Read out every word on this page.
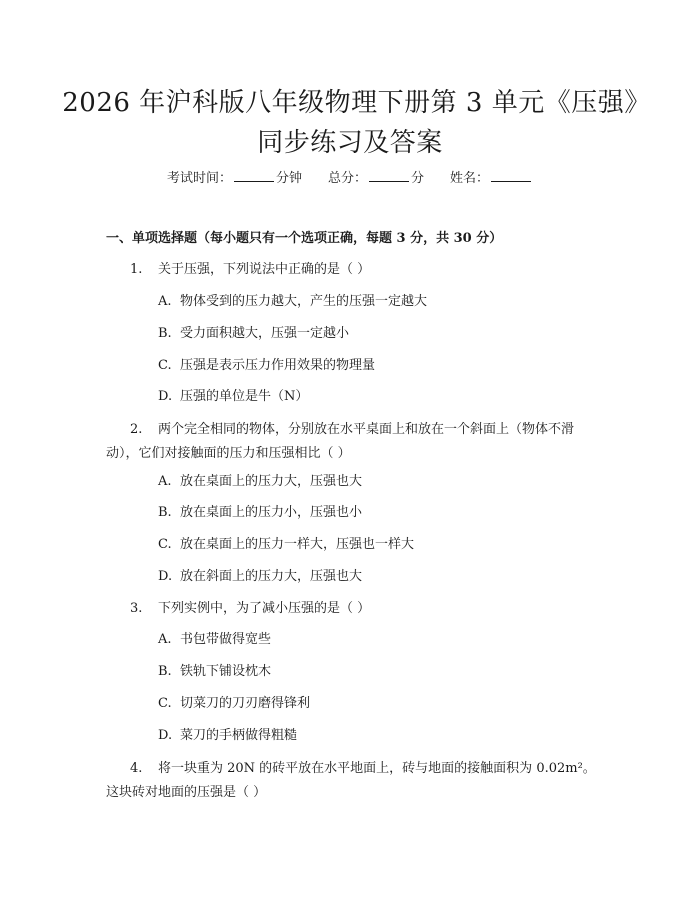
2026 年沪科版八年级物理下册第 3 单元《压强》同步练习及答案
考试时间：	分钟 总分：	分 姓名：
一、单项选择题（每小题只有一个选项正确，每题 3 分，共 30 分）
1. 关于压强，下列说法中正确的是（ ）
A. 物体受到的压力越大，产生的压强一定越大
B. 受力面积越大，压强一定越小
C. 压强是表示压力作用效果的物理量
D. 压强的单位是牛（N）
2. 两个完全相同的物体，分别放在水平桌面上和放在一个斜面上（物体不滑动），它们对接触面的压力和压强相比（ ）
A. 放在桌面上的压力大，压强也大
B. 放在桌面上的压力小，压强也小
C. 放在桌面上的压力一样大，压强也一样大
D. 放在斜面上的压力大，压强也大
3. 下列实例中，为了减小压强的是（ ）
A. 书包带做得宽些
B. 铁轨下铺设枕木
C. 切菜刀的刀刃磨得锋利
D. 菜刀的手柄做得粗糙
4. 将一块重为 20N 的砖平放在水平地面上，砖与地面的接触面积为 0.02m²。这块砖对地面的压强是（ ）
